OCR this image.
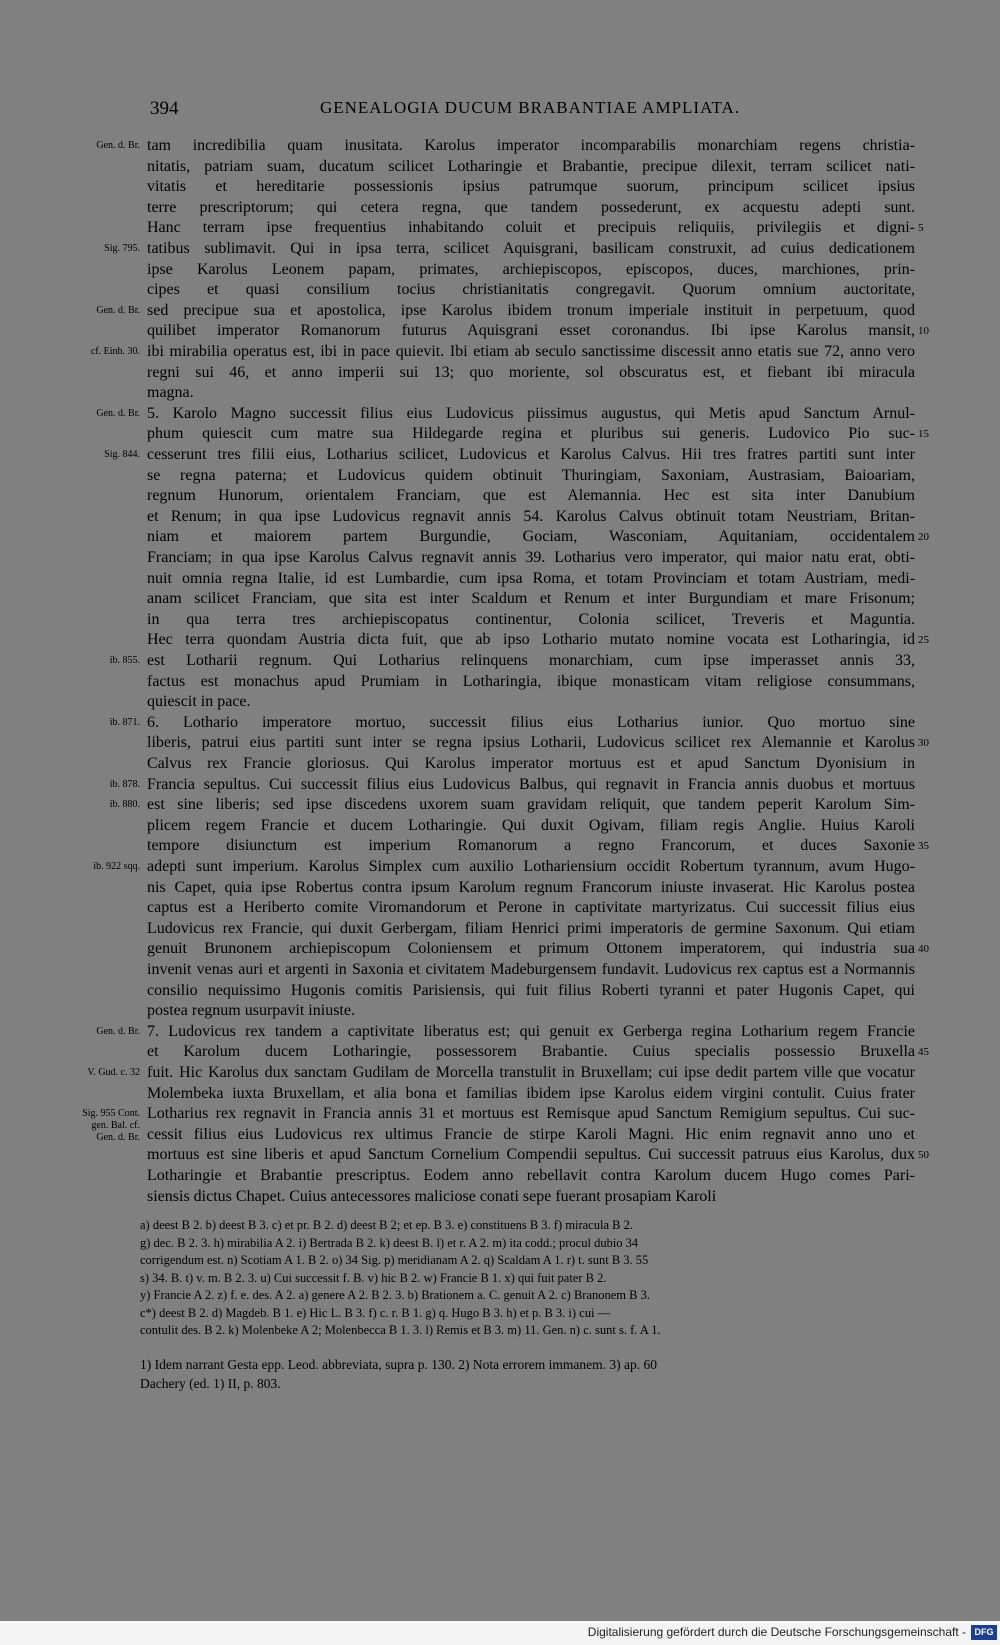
394	GENEALOGIA DUCUM BRABANTIAE AMPLIATA.
tam incredibilia quam inusitata. Karolus imperator incomparabilis monarchiam regens christia-
nitatis, patriam suam, ducatum scilicet Lotharingie et Brabantie, precipue dilexit, terram scilicet nati-
vitatis et hereditarie possessionis ipsius patrumque suorum, principum scilicet ipsius
terre prescriptorum; qui cetera regna, que tandem possederunt, ex acquestu adepti sunt.
Hanc terram ipse frequentius inhabitando coluit et precipuis reliquiis, privilegiis et digni-
tatibus sublimavit. Qui in ipsa terra, scilicet Aquisgrani, basilicam construxit, ad cuius dedicationem
ipse Karolus Leonem papam, primates, archiepiscopos, episcopos, duces, marchiones, prin-
cipes et quasi consilium tocius christianitatis congregavit. Quorum omnium auctoritate,
sed precipue sua et apostolica, ipse Karolus ibidem tronum imperiale instituit in perpetuum, quod
quilibet imperator Romanorum futurus Aquisgrani esset coronandus. Ibi ipse Karolus mansit,
ibi mirabilia operatus est, ibi in pace quievit. Ibi etiam ab seculo sanctissime discessit anno etatis sue 72, anno vero
regni sui 46, et anno imperii sui 13; quo moriente, sol obscuratus est, et fiebant ibi miracula
magna.
5. Karolo Magno successit filius eius Ludovicus piissimus augustus, qui Metis apud Sanctum Arnul-
phum quiescit cum matre sua Hildegarde regina et pluribus sui generis. Ludovico Pio suc-
cesserunt tres filii eius, Lotharius scilicet, Ludovicus et Karolus Calvus. Hii tres fratres partiti sunt inter
se regna paterna; et Ludovicus quidem obtinuit Thuringiam, Saxoniam, Austrasiam, Baioariam,
regnum Hunorum, orientalem Franciam, que est Alemannia. Hec est sita inter Danubium
et Renum; in qua ipse Ludovicus regnavit annis 54. Karolus Calvus obtinuit totam Neustriam, Britan-
niam et maiorem partem Burgundie, Gociam, Wasconiam, Aquitaniam, occidentalem
Franciam; in qua ipse Karolus Calvus regnavit annis 39. Lotharius vero imperator, qui maior natu erat, obti-
nuit omnia regna Italie, id est Lumbardie, cum ipsa Roma, et totam Provinciam et totam Austriam, medi-
anam scilicet Franciam, que sita est inter Scaldum et Renum et inter Burgundiam et mare Frisonum;
in qua terra tres archiepiscopatus continentur, Colonia scilicet, Treveris et Maguntia.
Hec terra quondam Austria dicta fuit, que ab ipso Lothario mutato nomine vocata est Lotharingia, id
est Lotharii regnum. Qui Lotharius relinquens monarchiam, cum ipse imperasset annis 33,
factus est monachus apud Prumiam in Lotharingia, ibique monasticam vitam religiose consummans,
quiescit in pace.
6. Lothario imperatore mortuo, successit filius eius Lotharius iunior. Quo mortuo sine
liberis, patrui eius partiti sunt inter se regna ipsius Lotharii, Ludovicus scilicet rex Alemannie et Karolus
Calvus rex Francie gloriosus. Qui Karolus imperator mortuus est et apud Sanctum Dyonisium in
Francia sepultus. Cui successit filius eius Ludovicus Balbus, qui regnavit in Francia annis duobus et mortuus
est sine liberis; sed ipse discedens uxorem suam gravidam reliquit, que tandem peperit Karolum Sim-
plicem regem Francie et ducem Lotharingie. Qui duxit Ogivam, filiam regis Anglie. Huius Karoli
tempore disiunctum est imperium Romanorum a regno Francorum, et duces Saxonie
adepti sunt imperium. Karolus Simplex cum auxilio Lothariensium occidit Robertum tyrannum, avum Hugo-
nis Capet, quia ipse Robertus contra ipsum Karolum regnum Francorum iniuste invaserat. Hic Karolus postea
captus est a Heriberto comite Viromandorum et Perone in captivitate martyrizatus. Cui successit filius eius
Ludovicus rex Francie, qui duxit Gerbergam, filiam Henrici primi imperatoris de germine Saxonum. Qui etiam
genuit Brunonem archiepiscopum Coloniensem et primum Ottonem imperatorem, qui industria sua
invenit venas auri et argenti in Saxonia et civitatem Madeburgensem fundavit. Ludovicus rex captus est a Normannis
consilio nequissimo Hugonis comitis Parisiensis, qui fuit filius Roberti tyranni et pater Hugonis Capet, qui
postea regnum usurpavit iniuste.
7. Ludovicus rex tandem a captivitate liberatus est; qui genuit ex Gerberga regina Lotharium regem Francie
et Karolum ducem Lotharingie, possessorem Brabantie. Cuius specialis possessio Bruxella
fuit. Hic Karolus dux sanctam Gudilam de Morcella transtulit in Bruxellam; cui ipse dedit partem ville que vocatur
Molembeka iuxta Bruxellam, et alia bona et familias ibidem ipse Karolus eidem virgini contulit. Cuius frater
Lotharius rex regnavit in Francia annis 31 et mortuus est Remisque apud Sanctum Remigium sepultus. Cui suc-
cessit filius eius Ludovicus rex ultimus Francie de stirpe Karoli Magni. Hic enim regnavit anno uno et
mortuus est sine liberis et apud Sanctum Cornelium Compendii sepultus. Cui successit patruus eius Karolus, dux
Lotharingie et Brabantie prescriptus. Eodem anno rebellavit contra Karolum ducem Hugo comes Pari-
siensis dictus Chapet. Cuius antecessores maliciose conati sepe fuerant prosapiam Karoli
Gen. d. Br.
Sig. 795.
Gen. d. Br.
cf. Einh. 30.
Gen. d. Br.
Sig. 844.
ib. 855.
ib. 871.
ib. 878.
ib. 880.
ib. 922 sqq.
Gen. d. Br.
V. Gud. c. 32
Sig. 955 Cont. gen. Bal. cf. Gen. d. Br.
5
10
15
20
25
30
35
40
45
50
a) deest B 2. b) deest B 3. c) et pr. B 2. d) deest B 2; et ep. B 3. e) constituens B 3. f) miracula B 2.
g) dec. B 2. 3. h) mirabilia A 2. i) Bertrada B 2. k) deest B. l) et r. A 2. m) ita codd.; procul dubio 34
corrigendum est. n) Scotiam A 1. B 2. o) 34 Sig. p) meridianam A 2. q) Scaldam A 1. r) t. sunt B 3. 55
s) 34. B. t) v. m. B 2. 3. u) Cui successit f. B. v) hic B 2. w) Francie B 1. x) qui fuit pater B 2.
y) Francie A 2. z) f. e. des. A 2. a) genere A 2. B 2. 3. b) Brationem a. C. genuit A 2. c) Branonem B 3.
c*) deest B 2. d) Magdeb. B 1. e) Hic L. B 3. f) c. r. B 1. g) q. Hugo B 3. h) et p. B 3. i) cui —
contulit des. B 2. k) Molenbeke A 2; Molenbecca B 1. 3. l) Remis et B 3. m) 11. Gen. n) c. sunt s. f. A 1.
1) Idem narrant Gesta epp. Leod. abbreviata, supra p. 130. 2) Nota errorem immanem. 3) ap. 60
Dachery (ed. 1) II, p. 803.
Digitalisierung gefördert durch die Deutsche Forschungsgemeinschaft - DFG
